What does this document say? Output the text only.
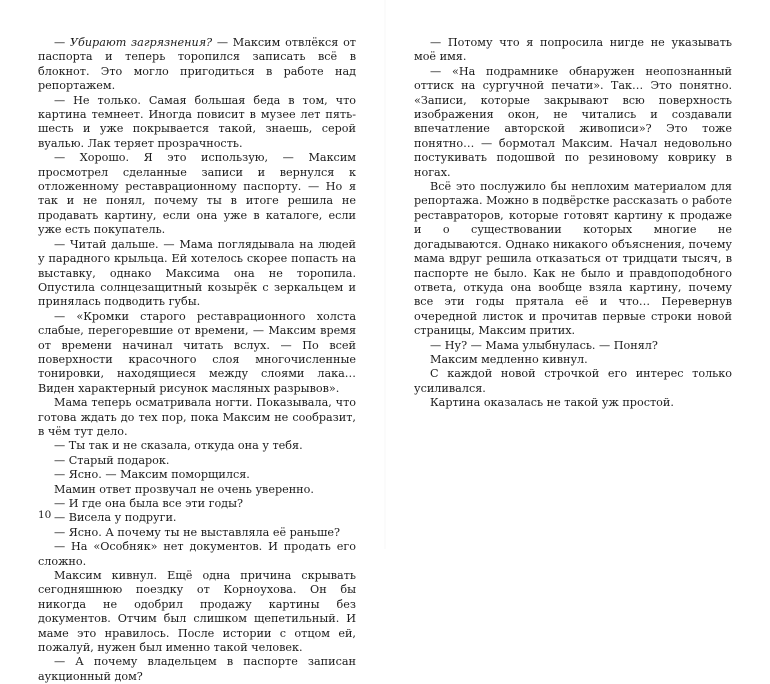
— Убирают загрязнения? — Максим отвлёкся от паспорта и теперь торопился записать всё в блокнот. Это могло пригодиться в работе над репортажем.

— Не только. Самая большая беда в том, что картина темнеет. Иногда повисит в музее лет пять-шесть и уже покрывается такой, знаешь, серой вуалью. Лак теряет прозрачность.

— Хорошо. Я это использую, — Максим просмотрел сделанные записи и вернулся к отложенному реставрационному паспорту. — Но я так и не понял, почему ты в итоге решила не продавать картину, если она уже в каталоге, если уже есть покупатель.

— Читай дальше. — Мама поглядывала на людей у парадного крыльца. Ей хотелось скорее попасть на выставку, однако Максима она не торопила. Опустила солнцезащитный козырёк с зеркальцем и принялась подводить губы.

— «Кромки старого реставрационного холста слабые, перегоревшие от времени, — Максим время от времени начинал читать вслух. — По всей поверхности красочного слоя многочисленные тонировки, находящиеся между слоями лака… Виден характерный рисунок масляных разрывов».

Мама теперь осматривала ногти. Показывала, что готова ждать до тех пор, пока Максим не сообразит, в чём тут дело.

— Ты так и не сказала, откуда она у тебя.

— Старый подарок.

— Ясно. — Максим поморщился.

Мамин ответ прозвучал не очень уверенно.

— И где она была все эти годы?

— Висела у подруги.

— Ясно. А почему ты не выставляла её раньше?

— На «Особняк» нет документов. И продать его сложно.

Максим кивнул. Ещё одна причина скрывать сегодняшнюю поездку от Корноухова. Он бы никогда не одобрил продажу картины без документов. Отчим был слишком щепетильный. И маме это нравилось. После истории с отцом ей, пожалуй, нужен был именно такой человек.

— А почему владельцем в паспорте записан аукционный дом?

10

— Потому что я попросила нигде не указывать моё имя.

— «На подрамнике обнаружен неопознанный оттиск на сургучной печати». Так… Это понятно. «Записи, которые закрывают всю поверхность изображения окон, не читались и создавали впечатление авторской живописи»? Это тоже понятно… — бормотал Максим. Начал недовольно постукивать подошвой по резиновому коврику в ногах.

Всё это послужило бы неплохим материалом для репортажа. Можно в подвёрстке рассказать о работе реставраторов, которые готовят картину к продаже и о существовании которых многие не догадываются. Однако никакого объяснения, почему мама вдруг решила отказаться от тридцати тысяч, в паспорте не было. Как не было и правдоподобного ответа, откуда она вообще взяла картину, почему все эти годы прятала её и что… Перевернув очередной листок и прочитав первые строки новой страницы, Максим притих.

— Ну? — Мама улыбнулась. — Понял?

Максим медленно кивнул.

С каждой новой строчкой его интерес только усиливался.

Картина оказалась не такой уж простой.
